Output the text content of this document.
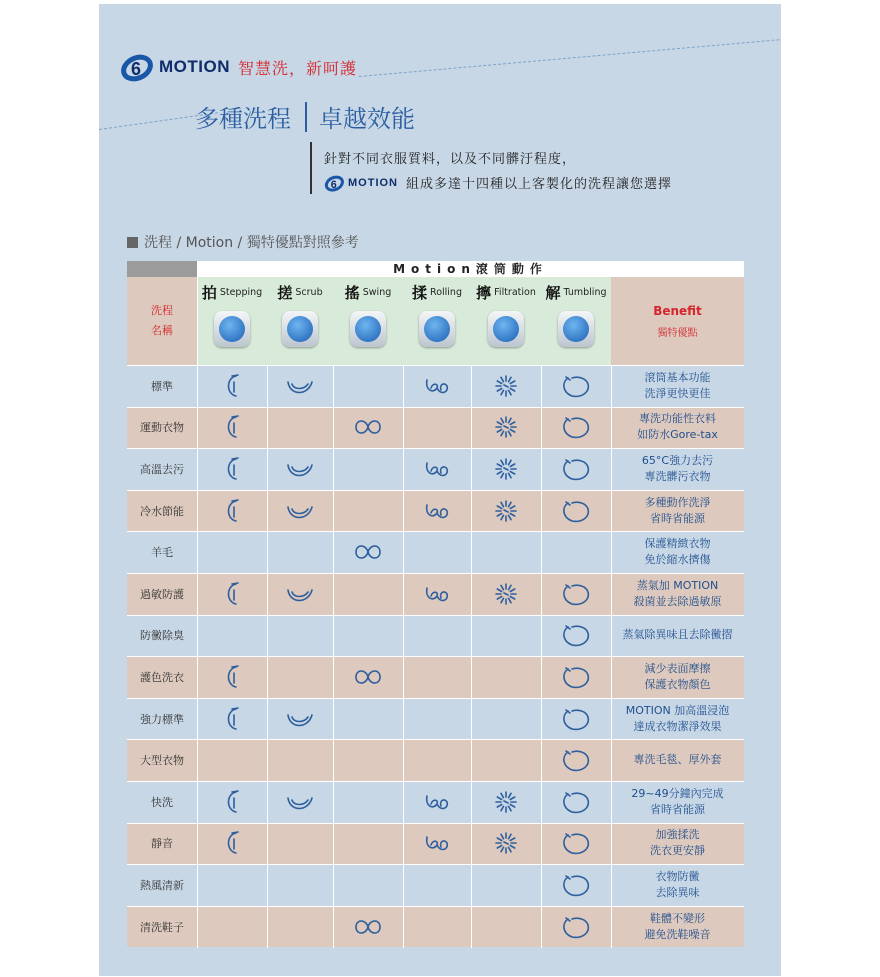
6 MOTION 智慧洗，新呵護
多種洗程 卓越效能
針對不同衣服質料，以及不同髒汙程度，
6 MOTION 組成多達十四種以上客製化的洗程讓您選擇
洗程 / Motion / 獨特優點對照參考
Motion滾筒動作
洗程
名稱
Benefit
獨特優點
拍 Stepping 搓 Scrub 搖 Swing 揉 Rolling 擰 Filtration 解 Tumbling
標準
滾筒基本功能
洗淨更快更佳
運動衣物
專洗功能性衣料
如防水Gore-tax
高溫去污
65°C強力去污
專洗髒污衣物
冷水節能
多種動作洗淨
省時省能源
羊毛
保護精緻衣物
免於縮水擠傷
過敏防護
蒸氣加 MOTION
殺菌並去除過敏原
防黴除臭	蒸氣除異味且去除黴摺
護色洗衣
減少表面摩擦
保護衣物顏色
強力標準
MOTION 加高溫浸泡
達成衣物潔淨效果
大型衣物	專洗毛毯、厚外套
快洗
29~49分鐘內完成
省時省能源
靜音
加強揉洗
洗衣更安靜
熱風清新
衣物防黴
去除異味
清洗鞋子
鞋體不變形
避免洗鞋噪音
